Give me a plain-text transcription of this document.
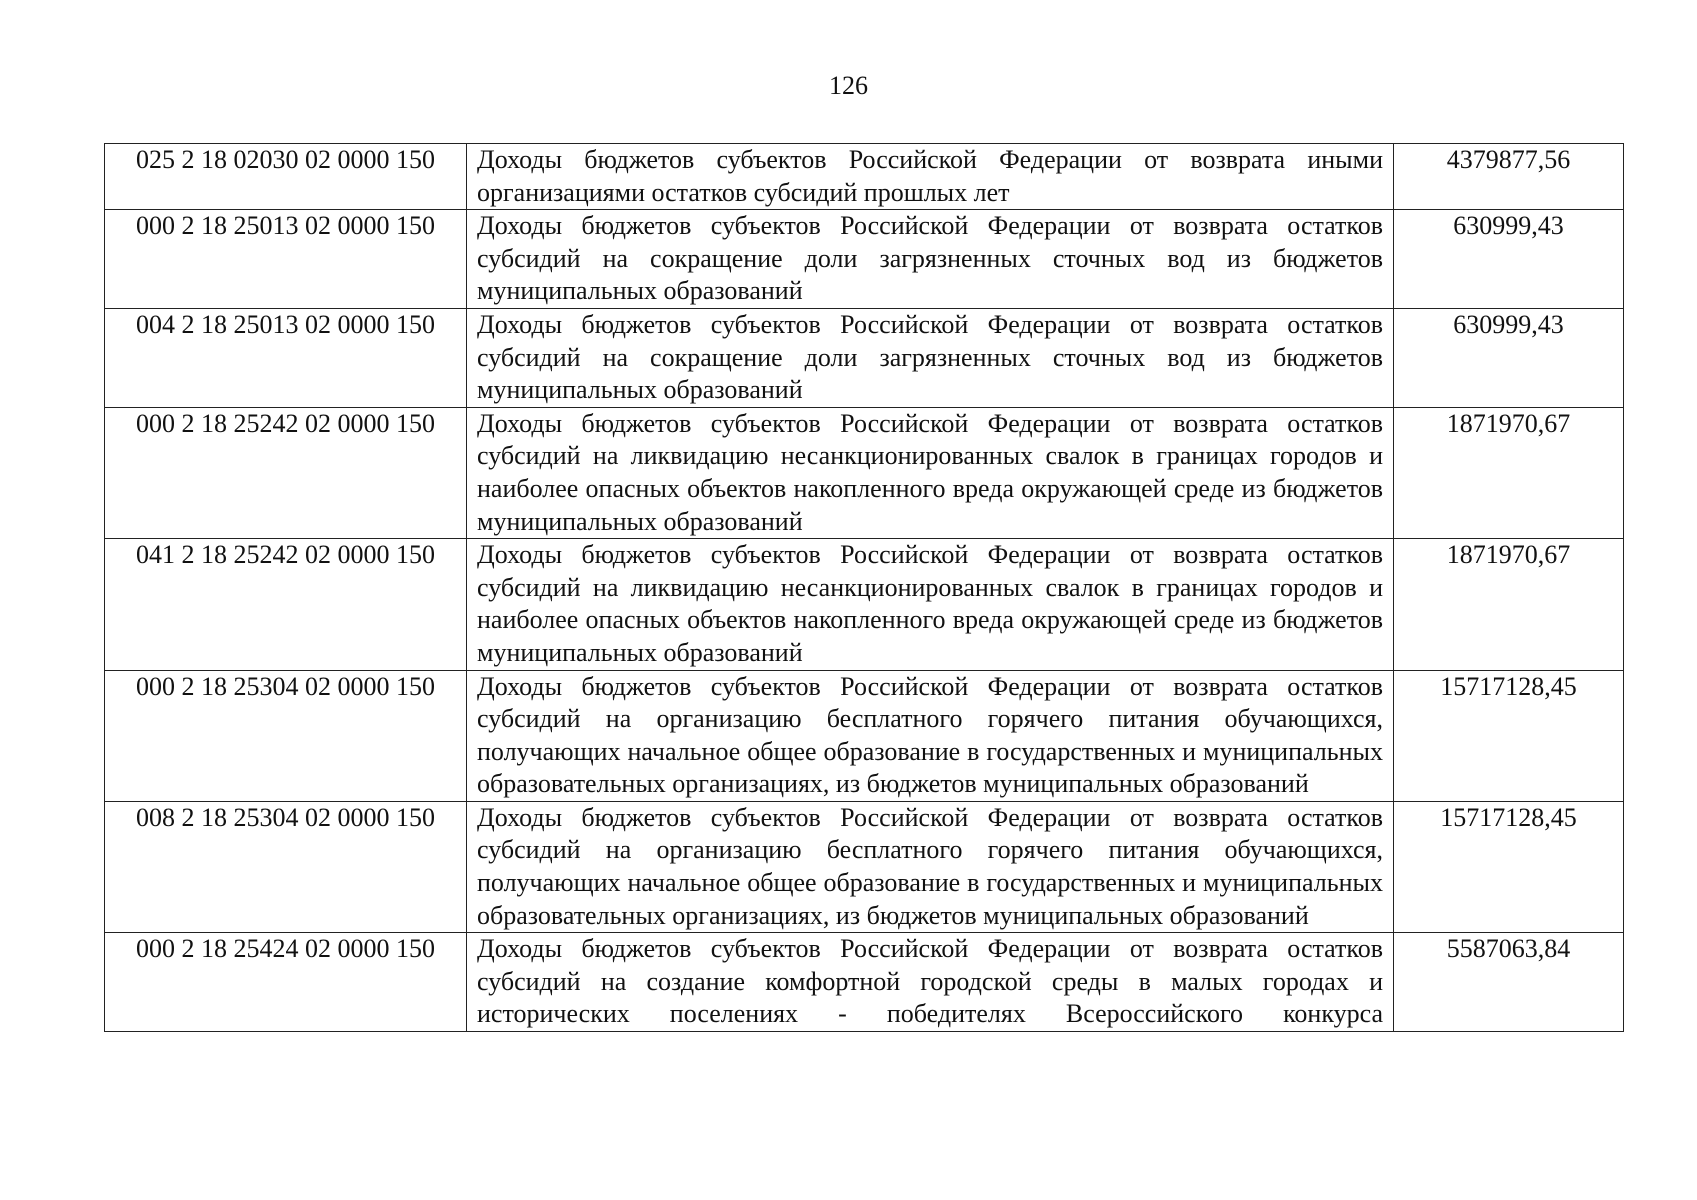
126
025 2 18 02030 02 0000 150	Доходы бюджетов субъектов Российской Федерации от возврата иными организациями остатков субсидий прошлых лет	4379877,56
000 2 18 25013 02 0000 150	Доходы бюджетов субъектов Российской Федерации от возврата остатков субсидий на сокращение доли загрязненных сточных вод из бюджетов муниципальных образований	630999,43
004 2 18 25013 02 0000 150	Доходы бюджетов субъектов Российской Федерации от возврата остатков субсидий на сокращение доли загрязненных сточных вод из бюджетов муниципальных образований	630999,43
000 2 18 25242 02 0000 150	Доходы бюджетов субъектов Российской Федерации от возврата остатков субсидий на ликвидацию несанкционированных свалок в границах городов и наиболее опасных объектов накопленного вреда окружающей среде из бюджетов муниципальных образований	1871970,67
041 2 18 25242 02 0000 150	Доходы бюджетов субъектов Российской Федерации от возврата остатков субсидий на ликвидацию несанкционированных свалок в границах городов и наиболее опасных объектов накопленного вреда окружающей среде из бюджетов муниципальных образований	1871970,67
000 2 18 25304 02 0000 150	Доходы бюджетов субъектов Российской Федерации от возврата остатков субсидий на организацию бесплатного горячего питания обучающихся, получающих начальное общее образование в государственных и муниципальных образовательных организациях, из бюджетов муниципальных образований	15717128,45
008 2 18 25304 02 0000 150	Доходы бюджетов субъектов Российской Федерации от возврата остатков субсидий на организацию бесплатного горячего питания обучающихся, получающих начальное общее образование в государственных и муниципальных образовательных организациях, из бюджетов муниципальных образований	15717128,45
000 2 18 25424 02 0000 150	Доходы бюджетов субъектов Российской Федерации от возврата остатков субсидий на создание комфортной городской среды в малых городах и исторических поселениях - победителях Всероссийского конкурса	5587063,84
